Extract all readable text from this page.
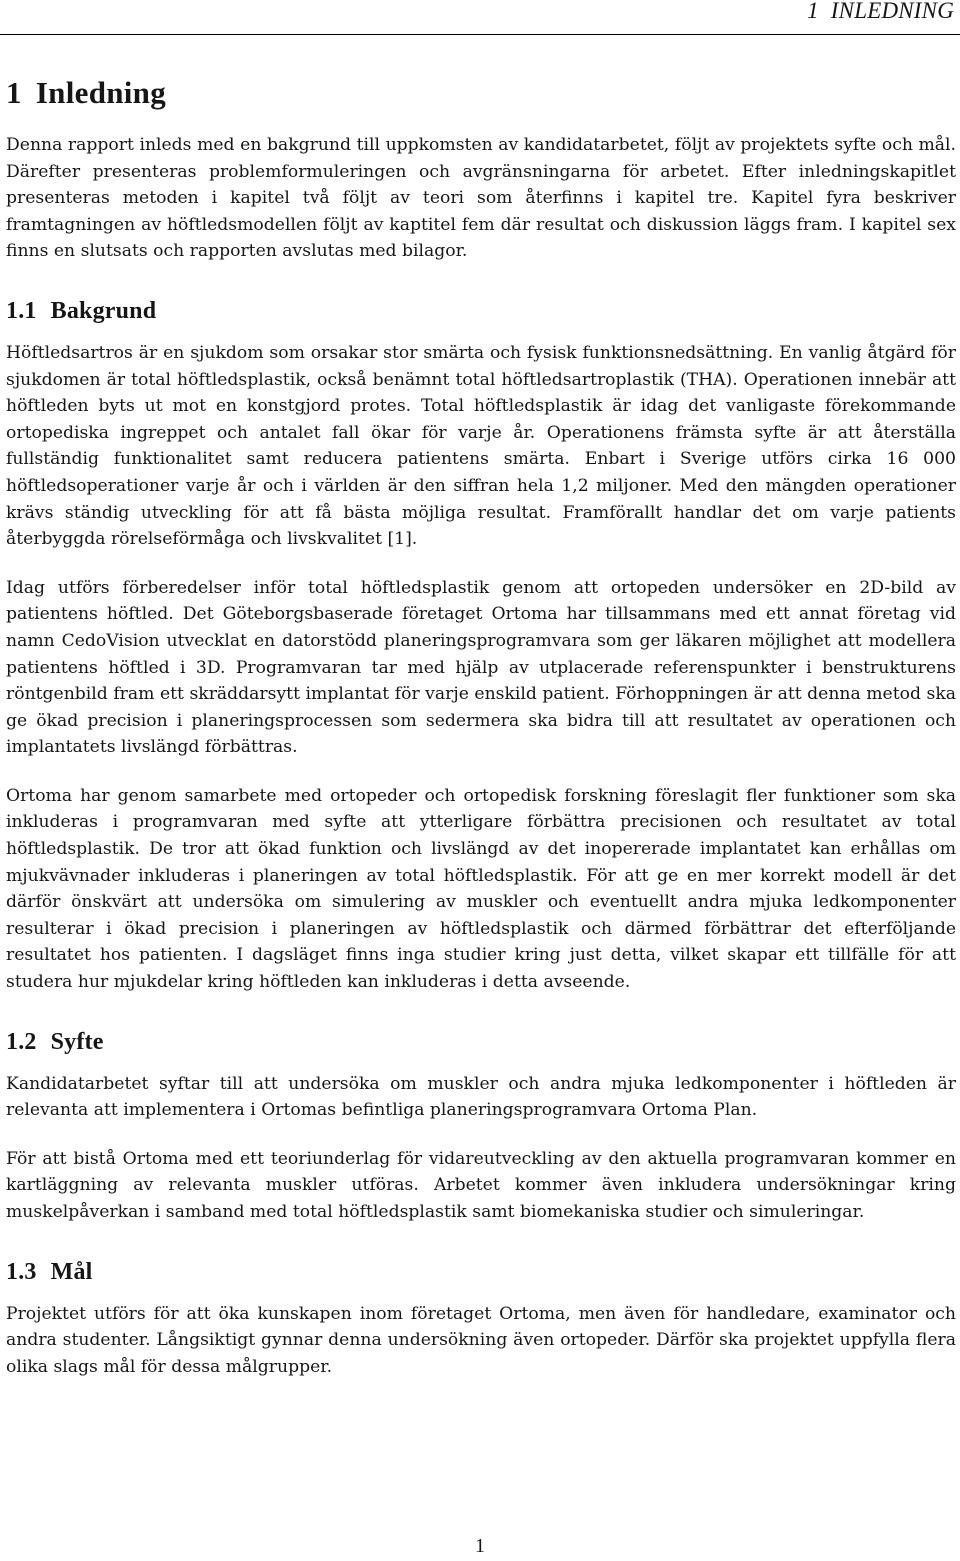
1 INLEDNING
1 Inledning

Denna rapport inleds med en bakgrund till uppkomsten av kandidatarbetet, följt av projektets syfte och mål. Därefter presenteras problemformuleringen och avgränsningarna för arbetet. Efter inledningskapitlet presenteras metoden i kapitel två följt av teori som återfinns i kapitel tre. Kapitel fyra beskriver framtagningen av höftledsmodellen följt av kaptitel fem där resultat och diskussion läggs fram. I kapitel sex finns en slutsats och rapporten avslutas med bilagor.

1.1 Bakgrund

Höftledsartros är en sjukdom som orsakar stor smärta och fysisk funktionsnedsättning. En vanlig åtgärd för sjukdomen är total höftledsplastik, också benämnt total höftledsartroplastik (THA). Operationen innebär att höftleden byts ut mot en konstgjord protes. Total höftledsplastik är idag det vanligaste förekommande ortopediska ingreppet och antalet fall ökar för varje år. Operationens främsta syfte är att återställa fullständig funktionalitet samt reducera patientens smärta. Enbart i Sverige utförs cirka 16 000 höftledsoperationer varje år och i världen är den siffran hela 1,2 miljoner. Med den mängden operationer krävs ständig utveckling för att få bästa möjliga resultat. Framförallt handlar det om varje patients återbyggda rörelseförmåga och livskvalitet [1].

Idag utförs förberedelser inför total höftledsplastik genom att ortopeden undersöker en 2D-bild av patientens höftled. Det Göteborgsbaserade företaget Ortoma har tillsammans med ett annat företag vid namn CedoVision utvecklat en datorstödd planeringsprogramvara som ger läkaren möjlighet att modellera patientens höftled i 3D. Programvaran tar med hjälp av utplacerade referenspunkter i benstrukturens röntgenbild fram ett skräddarsytt implantat för varje enskild patient. Förhoppningen är att denna metod ska ge ökad precision i planeringsprocessen som sedermera ska bidra till att resultatet av operationen och implantatets livslängd förbättras.

Ortoma har genom samarbete med ortopeder och ortopedisk forskning föreslagit fler funktioner som ska inkluderas i programvaran med syfte att ytterligare förbättra precisionen och resultatet av total höftledsplastik. De tror att ökad funktion och livslängd av det inopererade implantatet kan erhållas om mjukvävnader inkluderas i planeringen av total höftledsplastik. För att ge en mer korrekt modell är det därför önskvärt att undersöka om simulering av muskler och eventuellt andra mjuka ledkomponenter resulterar i ökad precision i planeringen av höftledsplastik och därmed förbättrar det efterföljande resultatet hos patienten. I dagsläget finns inga studier kring just detta, vilket skapar ett tillfälle för att studera hur mjukdelar kring höftleden kan inkluderas i detta avseende.

1.2 Syfte

Kandidatarbetet syftar till att undersöka om muskler och andra mjuka ledkomponenter i höftleden är relevanta att implementera i Ortomas befintliga planeringsprogramvara Ortoma Plan.

För att bistå Ortoma med ett teoriunderlag för vidareutveckling av den aktuella programvaran kommer en kartläggning av relevanta muskler utföras. Arbetet kommer även inkludera undersökningar kring muskelpåverkan i samband med total höftledsplastik samt biomekaniska studier och simuleringar.

1.3 Mål

Projektet utförs för att öka kunskapen inom företaget Ortoma, men även för handledare, examinator och andra studenter. Långsiktigt gynnar denna undersökning även ortopeder. Därför ska projektet uppfylla flera olika slags mål för dessa målgrupper.

1
